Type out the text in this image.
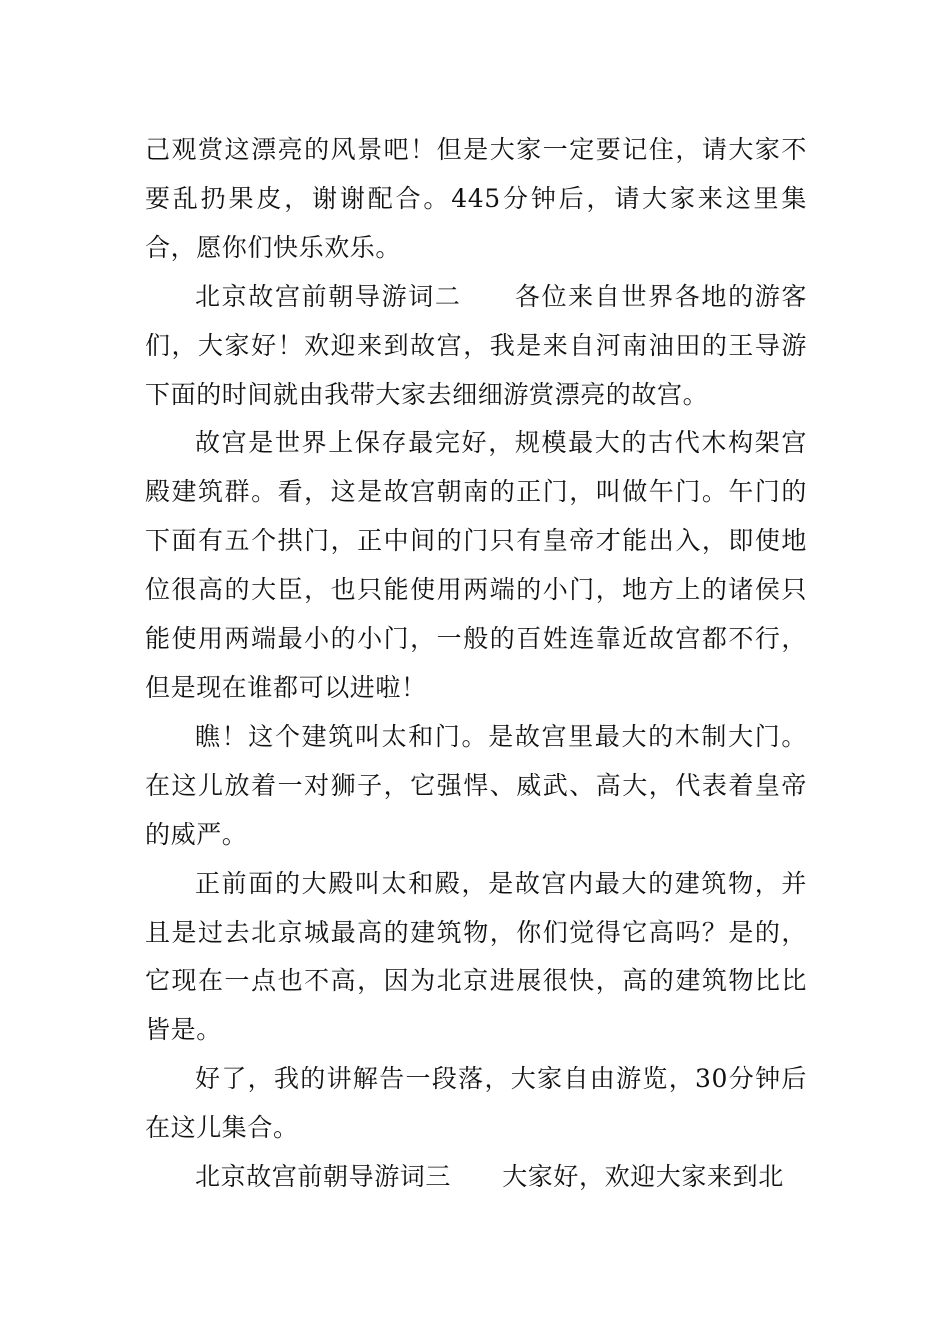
己观赏这漂亮的风景吧！但是大家一定要记住，请大家不要乱扔果皮，谢谢配合。445分钟后，请大家来这里集合，愿你们快乐欢乐。

北京故宫前朝导游词二　　各位来自世界各地的游客们，大家好！欢迎来到故宫，我是来自河南油田的王导游下面的时间就由我带大家去细细游赏漂亮的故宫。

故宫是世界上保存最完好，规模最大的古代木构架宫殿建筑群。看，这是故宫朝南的正门，叫做午门。午门的下面有五个拱门，正中间的门只有皇帝才能出入，即使地位很高的大臣，也只能使用两端的小门，地方上的诸侯只能使用两端最小的小门，一般的百姓连靠近故宫都不行，但是现在谁都可以进啦！

瞧！这个建筑叫太和门。是故宫里最大的木制大门。在这儿放着一对狮子，它强悍、威武、高大，代表着皇帝的威严。

正前面的大殿叫太和殿，是故宫内最大的建筑物，并且是过去北京城最高的建筑物，你们觉得它高吗？是的，它现在一点也不高，因为北京进展很快，高的建筑物比比皆是。

好了，我的讲解告一段落，大家自由游览，30分钟后在这儿集合。

北京故宫前朝导游词三　　大家好，欢迎大家来到北
